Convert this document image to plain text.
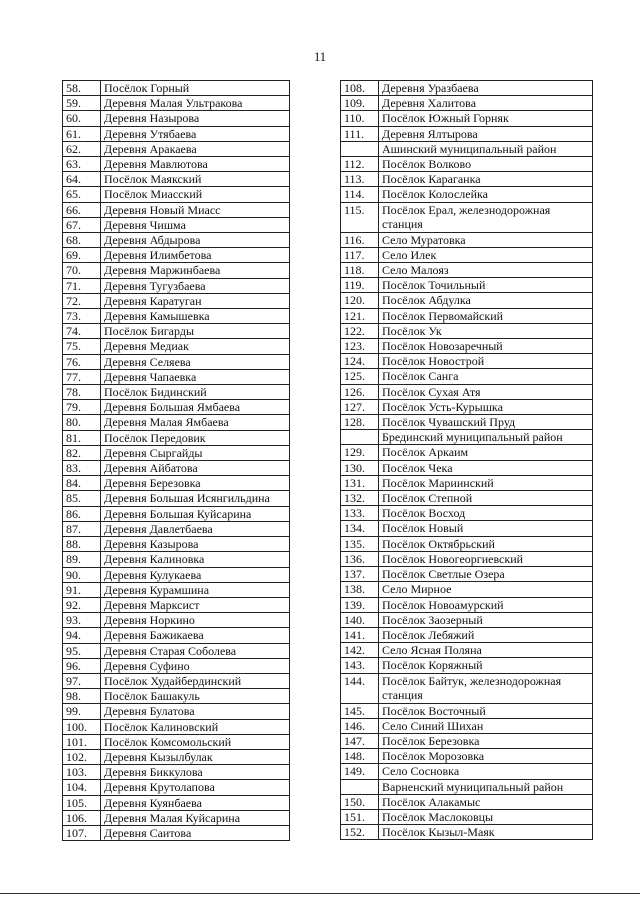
11
58.	Посёлок Горный
59.	Деревня Малая Ультракова
60.	Деревня Назырова
61.	Деревня Утябаева
62.	Деревня Аракаева
63.	Деревня Мавлютова
64.	Посёлок Маякский
65.	Посёлок Миасский
66.	Деревня Новый Миасс
67.	Деревня Чишма
68.	Деревня Абдырова
69.	Деревня Илимбетова
70.	Деревня Маржинбаева
71.	Деревня Тугузбаева
72.	Деревня Каратуган
73.	Деревня Камышевка
74.	Посёлок Бигарды
75.	Деревня Медиак
76.	Деревня Селяева
77.	Деревня Чапаевка
78.	Посёлок Бидинский
79.	Деревня Большая Ямбаева
80.	Деревня Малая Ямбаева
81.	Посёлок Передовик
82.	Деревня Сыргайды
83.	Деревня Айбатова
84.	Деревня Березовка
85.	Деревня Большая Исянгильдина
86.	Деревня Большая Куйсарина
87.	Деревня Давлетбаева
88.	Деревня Казырова
89.	Деревня Калиновка
90.	Деревня Кулукаева
91.	Деревня Курамшина
92.	Деревня Марксист
93.	Деревня Норкино
94.	Деревня Бажикаева
95.	Деревня Старая Соболева
96.	Деревня Суфино
97.	Посёлок Худайбердинский
98.	Посёлок Башакуль
99.	Деревня Булатова
100.	Посёлок Калиновский
101.	Посёлок Комсомольский
102.	Деревня Кызылбулак
103.	Деревня Биккулова
104.	Деревня Крутолапова
105.	Деревня Куянбаева
106.	Деревня Малая Куйсарина
107.	Деревня Саитова
108.	Деревня Уразбаева
109.	Деревня Халитова
110.	Посёлок Южный Горняк
111.	Деревня Ялтырова
	Ашинский муниципальный район
112.	Посёлок Волково
113.	Посёлок Караганка
114.	Посёлок Колослейка
115.	Посёлок Ерал, железнодорожная станция
116.	Село Муратовка
117.	Село Илек
118.	Село Малояз
119.	Посёлок Точильный
120.	Посёлок Абдулка
121.	Посёлок Первомайский
122.	Посёлок Ук
123.	Посёлок Новозаречный
124.	Посёлок Новострой
125.	Посёлок Санга
126.	Посёлок Сухая Атя
127.	Посёлок Усть-Курышка
128.	Посёлок Чувашский Пруд
	Брединский муниципальный район
129.	Посёлок Аркаим
130.	Посёлок Чека
131.	Посёлок Мариинский
132.	Посёлок Степной
133.	Посёлок Восход
134.	Посёлок Новый
135.	Посёлок Октябрьский
136.	Посёлок Новогеоргиевский
137.	Посёлок Светлые Озера
138.	Село Мирное
139.	Посёлок Новоамурский
140.	Посёлок Заозерный
141.	Посёлок Лебяжий
142.	Село Ясная Поляна
143.	Посёлок Коряжный
144.	Посёлок Байтук, железнодорожная станция
145.	Посёлок Восточный
146.	Село Синий Шихан
147.	Посёлок Березовка
148.	Посёлок Морозовка
149.	Село Сосновка
	Варненский муниципальный район
150.	Посёлок Алакамыс
151.	Посёлок Маслоковцы
152.	Посёлок Кызыл-Маяк
